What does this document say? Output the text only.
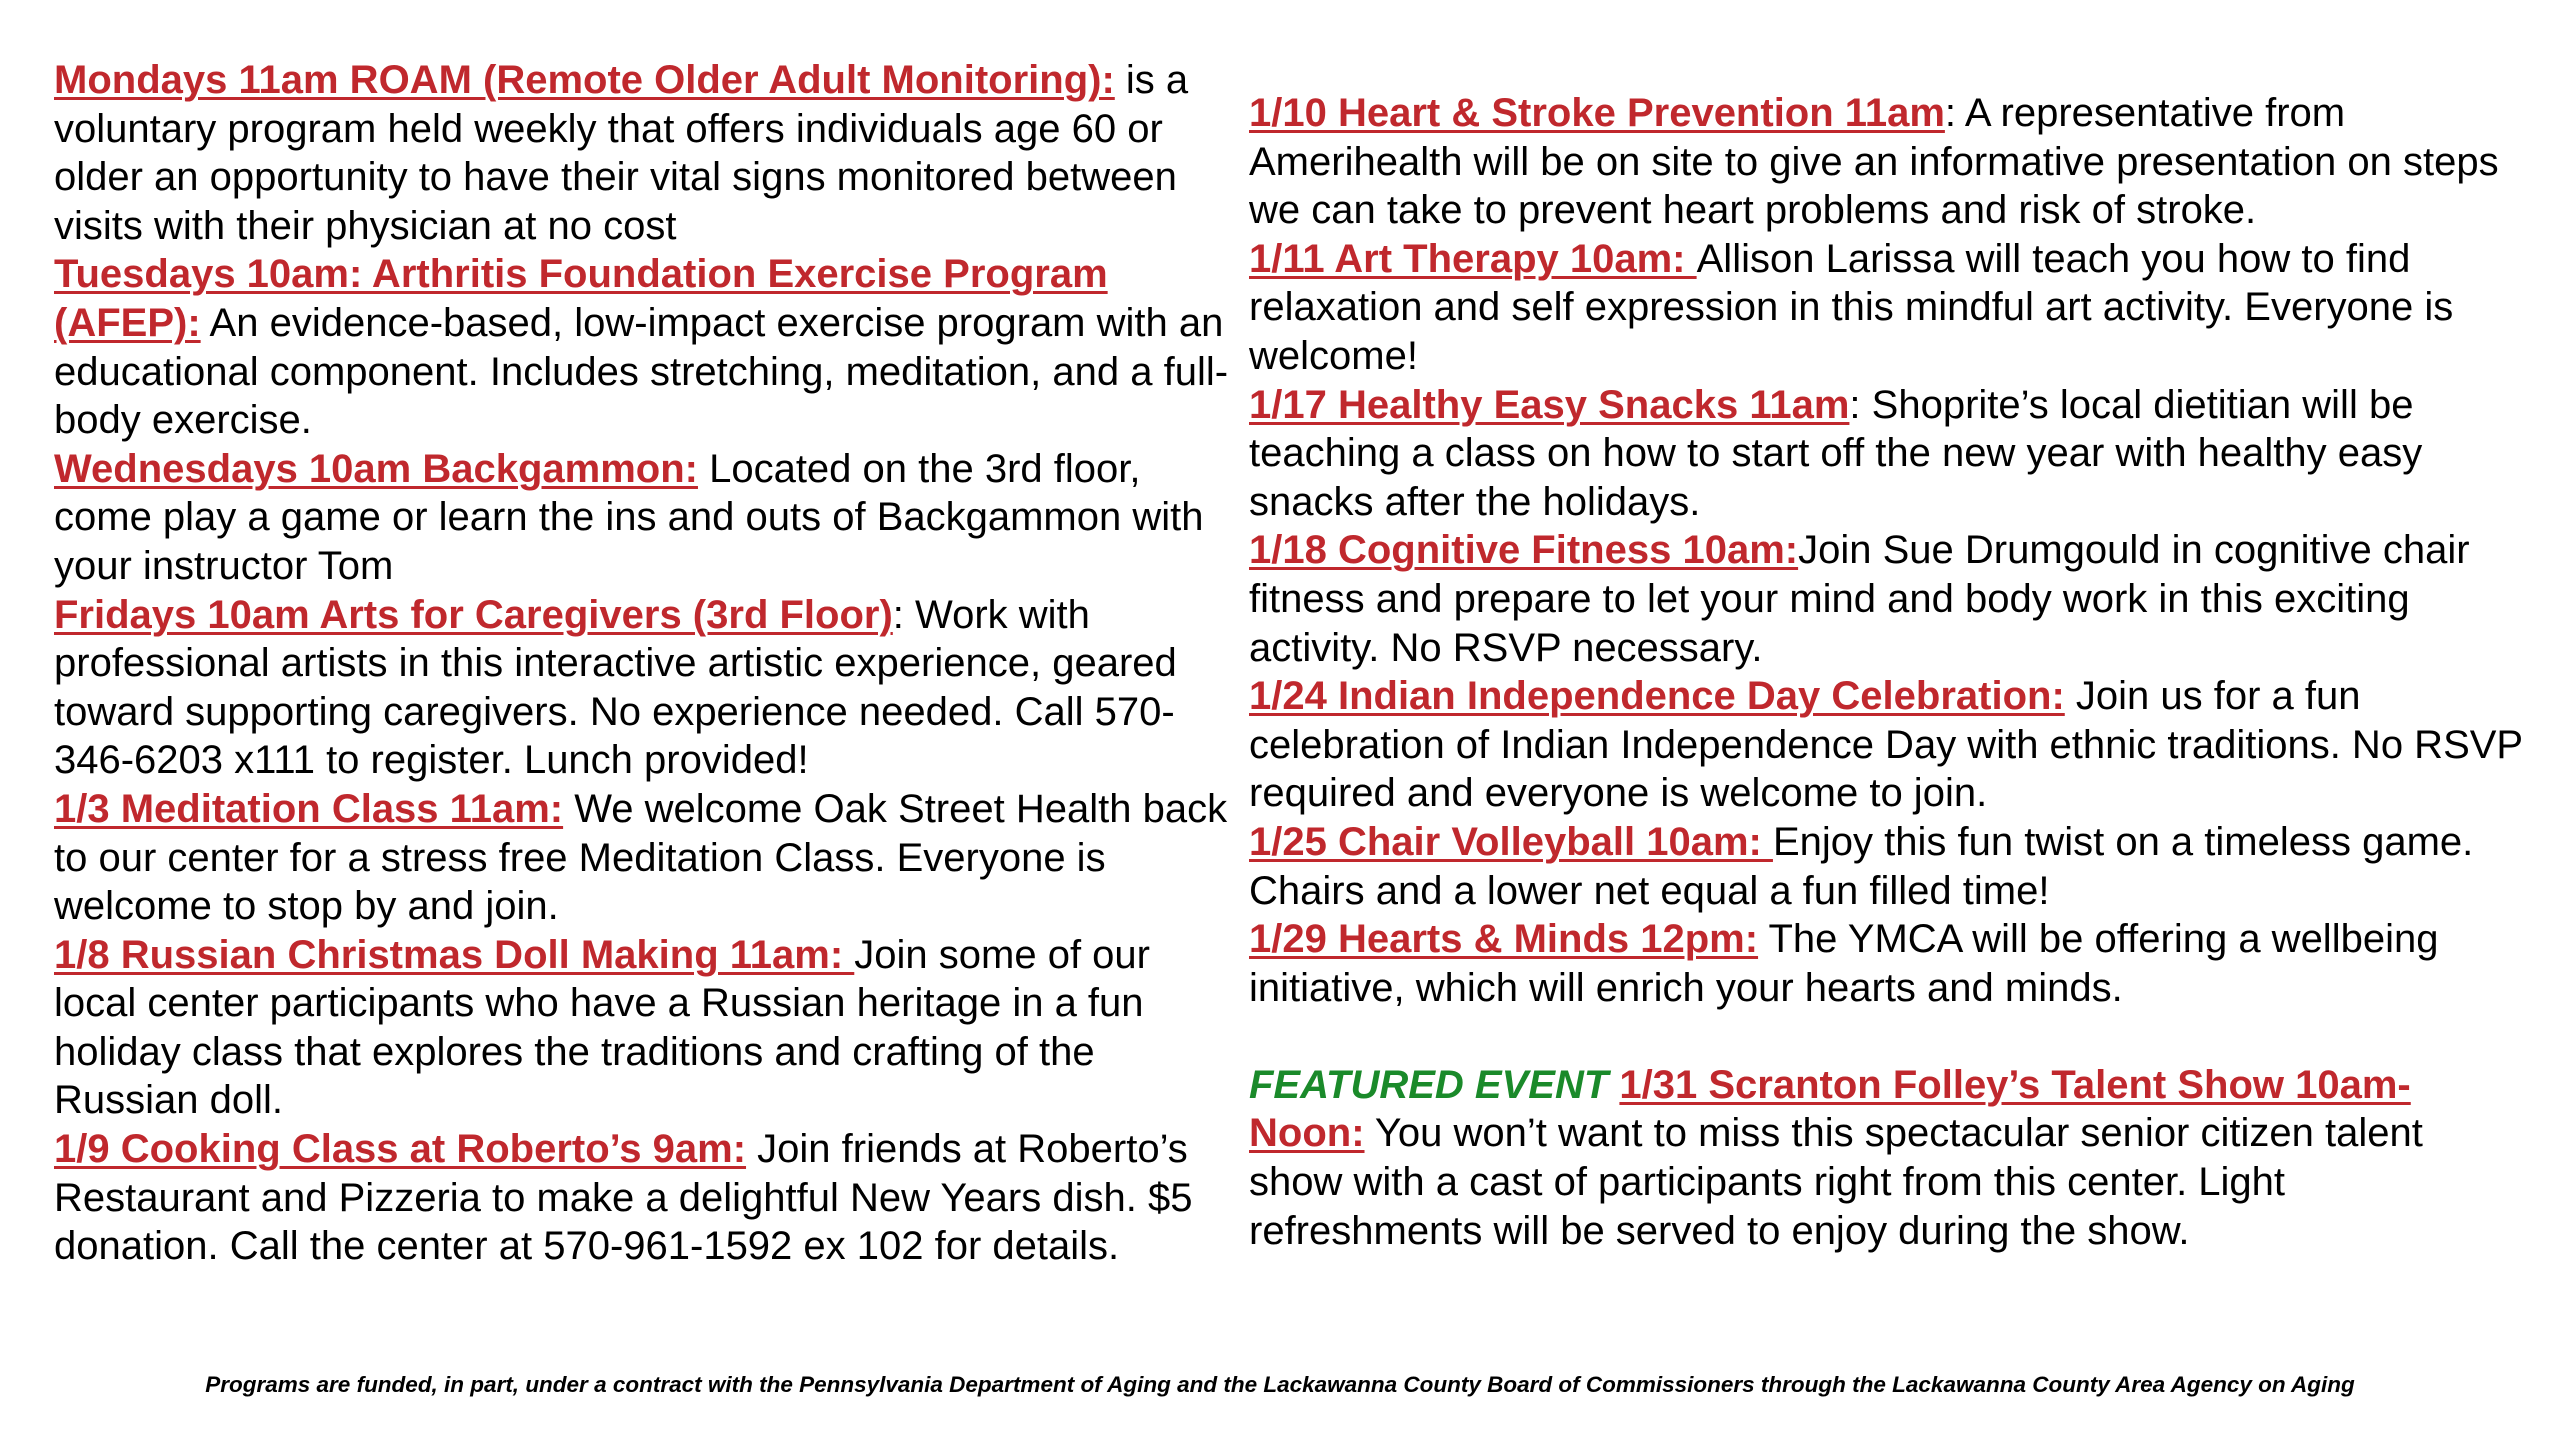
Mondays 11am ROAM (Remote Older Adult Monitoring): is a voluntary program held weekly that offers individuals age 60 or older an opportunity to have their vital signs monitored between visits with their physician at no cost

Tuesdays 10am: Arthritis Foundation Exercise Program (AFEP): An evidence-based, low-impact exercise program with an educational component. Includes stretching, meditation, and a full-body exercise.

Wednesdays 10am Backgammon: Located on the 3rd floor, come play a game or learn the ins and outs of Backgammon with your instructor Tom

Fridays 10am Arts for Caregivers (3rd Floor): Work with professional artists in this interactive artistic experience, geared toward supporting caregivers. No experience needed. Call 570-346-6203 x111 to register. Lunch provided!

1/3 Meditation Class 11am: We welcome Oak Street Health back to our center for a stress free Meditation Class. Everyone is welcome to stop by and join.

1/8 Russian Christmas Doll Making 11am: Join some of our local center participants who have a Russian heritage in a fun holiday class that explores the traditions and crafting of the Russian doll.

1/9 Cooking Class at Roberto’s 9am: Join friends at Roberto’s Restaurant and Pizzeria to make a delightful New Years dish. $5 donation. Call the center at 570-961-1592 ex 102 for details.

1/10 Heart & Stroke Prevention 11am: A representative from Amerihealth will be on site to give an informative presentation on steps we can take to prevent heart problems and risk of stroke.

1/11 Art Therapy 10am: Allison Larissa will teach you how to find relaxation and self expression in this mindful art activity. Everyone is welcome!

1/17 Healthy Easy Snacks 11am: Shoprite’s local dietitian will be teaching a class on how to start off the new year with healthy easy snacks after the holidays.

1/18 Cognitive Fitness 10am:Join Sue Drumgould in cognitive chair fitness and prepare to let your mind and body work in this exciting activity. No RSVP necessary.

1/24 Indian Independence Day Celebration: Join us for a fun celebration of Indian Independence Day with ethnic traditions. No RSVP required and everyone is welcome to join.

1/25 Chair Volleyball 10am: Enjoy this fun twist on a timeless game. Chairs and a lower net equal a fun filled time!

1/29 Hearts & Minds 12pm: The YMCA will be offering a wellbeing initiative, which will enrich your hearts and minds.

FEATURED EVENT 1/31 Scranton Folley’s Talent Show 10am-Noon: You won’t want to miss this spectacular senior citizen talent show with a cast of participants right from this center. Light refreshments will be served to enjoy during the show.

Programs are funded, in part, under a contract with the Pennsylvania Department of Aging and the Lackawanna County Board of Commissioners through the Lackawanna County Area Agency on Aging
